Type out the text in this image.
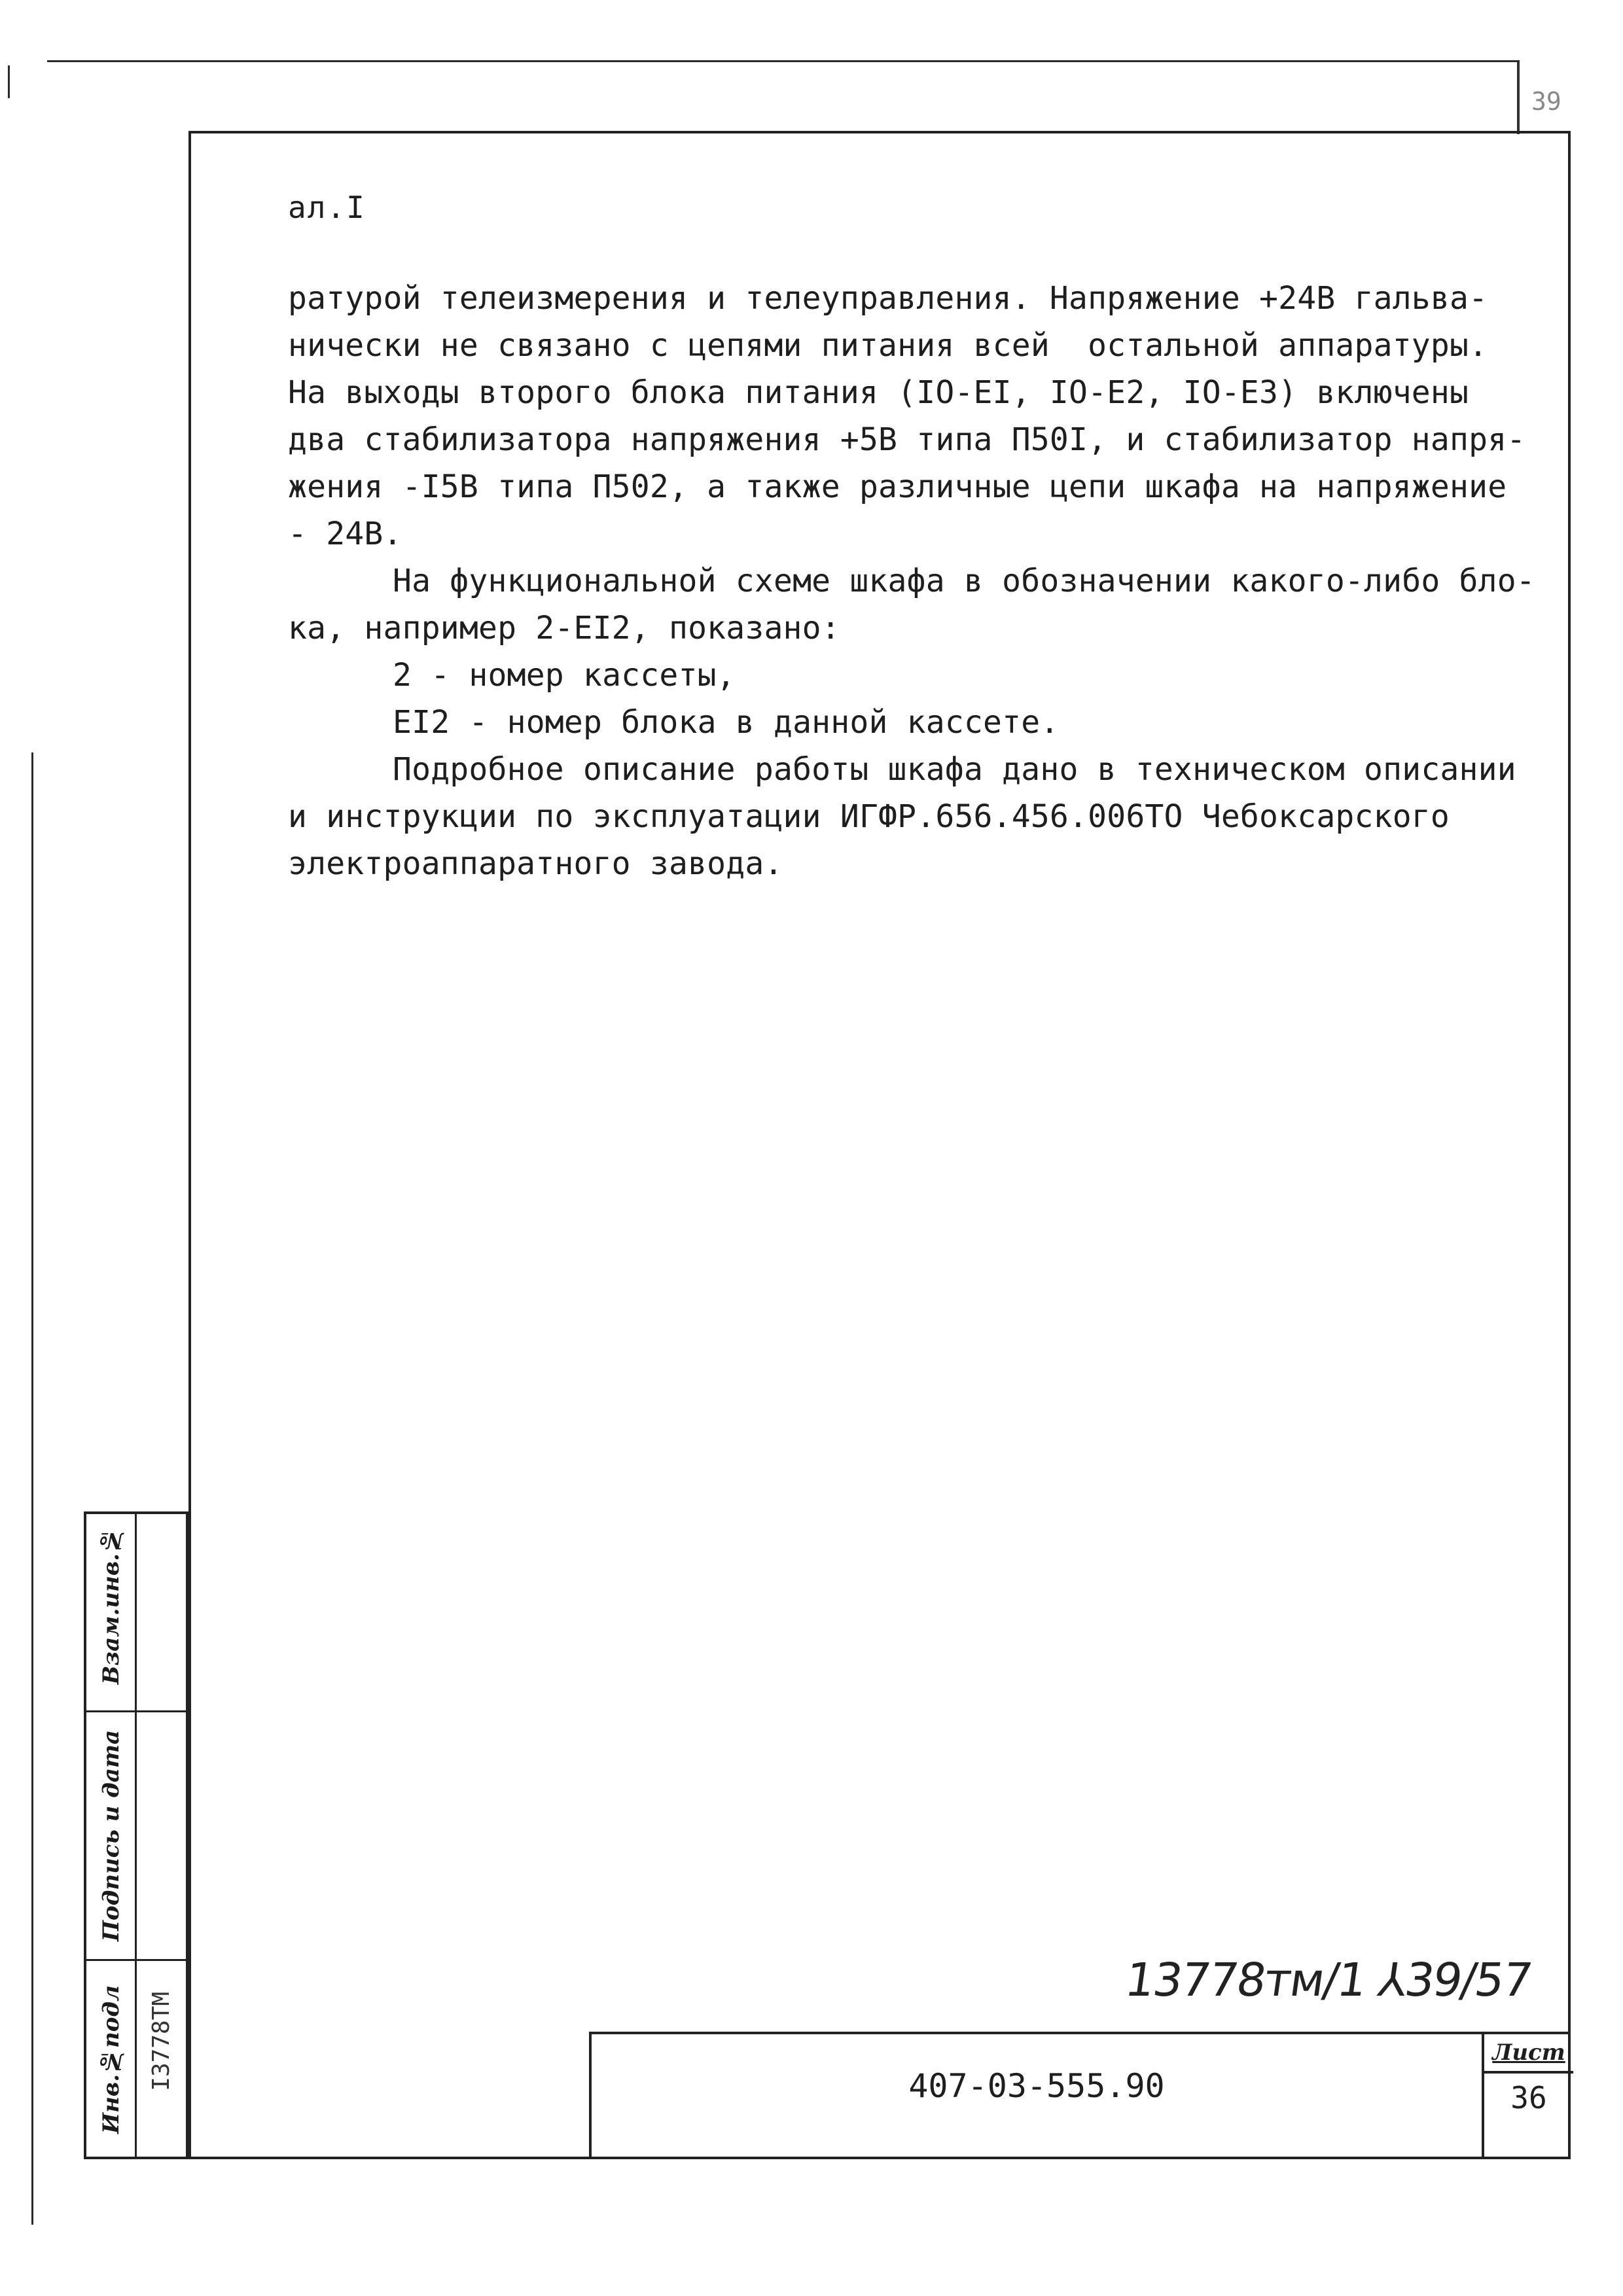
39
ал.I
ратурой телеизмерения и телеуправления. Напряжение +24В гальва-
нически не связано с цепями питания всей  остальной аппаратуры.
На выходы второго блока питания (IO-EI, IO-E2, IO-E3) включены
два стабилизатора напряжения +5В типа П50I, и стабилизатор напря-
жения -I5В типа П502, а также различные цепи шкафа на напряжение
- 24В.
На функциональной схеме шкафа в обозначении какого-либо бло-
ка, например 2-EI2, показано:
2 - номер кассеты,
EI2 - номер блока в данной кассете.
Подробное описание работы шкафа дано в техническом описании
и инструкции по эксплуатации ИГФР.656.456.006ТО Чебоксарского
электроаппаратного завода.
Взам.инв.№
Подпись и дата
Инв.№подл I3778ТМ
13778тм/1 ⅄39/57
407-03-555.90
Лист
36
